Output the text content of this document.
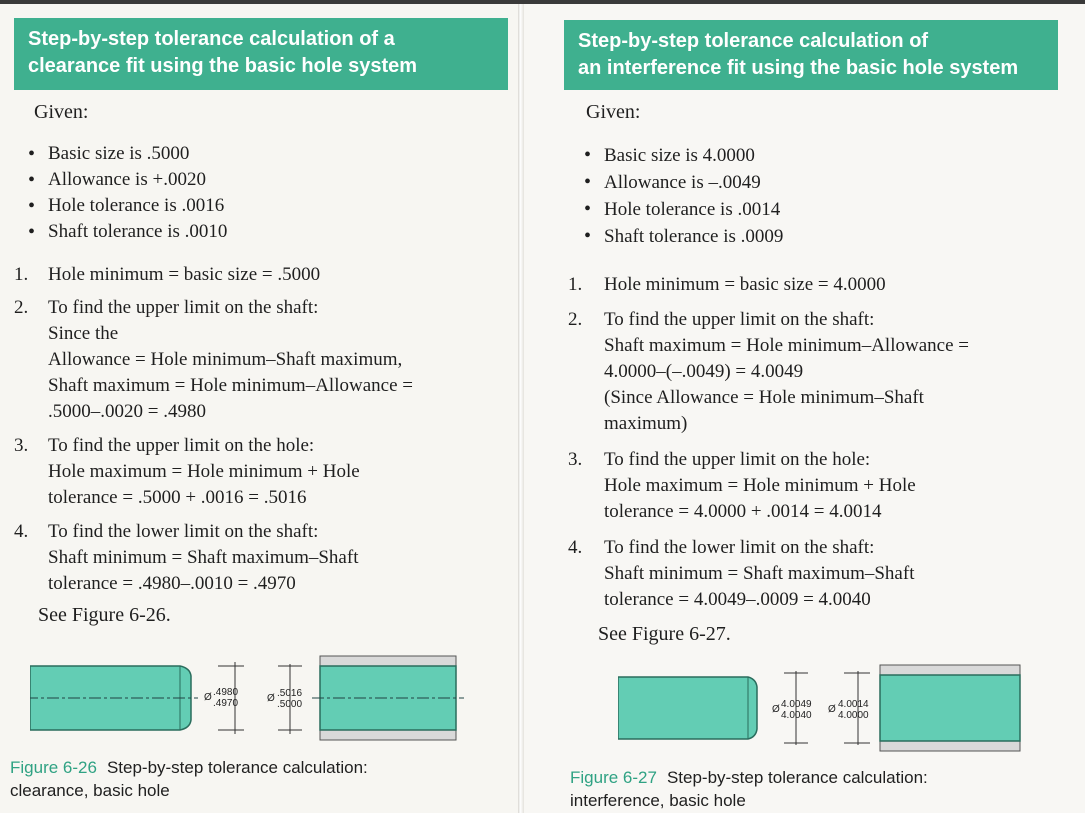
Step-by-step tolerance calculation of a
clearance fit using the basic hole system
Given:
• Basic size is .5000
• Allowance is +.0020
• Hole tolerance is .0016
• Shaft tolerance is .0010
1. Hole minimum = basic size = .5000
2. To find the upper limit on the shaft:
Since the
Allowance = Hole minimum–Shaft maximum,
Shaft maximum = Hole minimum–Allowance =
.5000–.0020 = .4980
3. To find the upper limit on the hole:
Hole maximum = Hole minimum + Hole
tolerance = .5000 + .0016 = .5016
4. To find the lower limit on the shaft:
Shaft minimum = Shaft maximum–Shaft
tolerance = .4980–.0010 = .4970
See Figure 6-26.
Ø .4980
.4970	Ø .5016
.5000
Figure 6-26 Step-by-step tolerance calculation:
clearance, basic hole
Step-by-step tolerance calculation of
an interference fit using the basic hole system
Given:
• Basic size is 4.0000
• Allowance is –.0049
• Hole tolerance is .0014
• Shaft tolerance is .0009
1. Hole minimum = basic size = 4.0000
2. To find the upper limit on the shaft:
Shaft maximum = Hole minimum–Allowance =
4.0000–(–.0049) = 4.0049
(Since Allowance = Hole minimum–Shaft
maximum)
3. To find the upper limit on the hole:
Hole maximum = Hole minimum + Hole
tolerance = 4.0000 + .0014 = 4.0014
4. To find the lower limit on the shaft:
Shaft minimum = Shaft maximum–Shaft
tolerance = 4.0049–.0009 = 4.0040
See Figure 6-27.
Ø 4.0049
4.0040
Ø 4.0014
4.0000
Figure 6-27 Step-by-step tolerance calculation:
interference, basic hole
